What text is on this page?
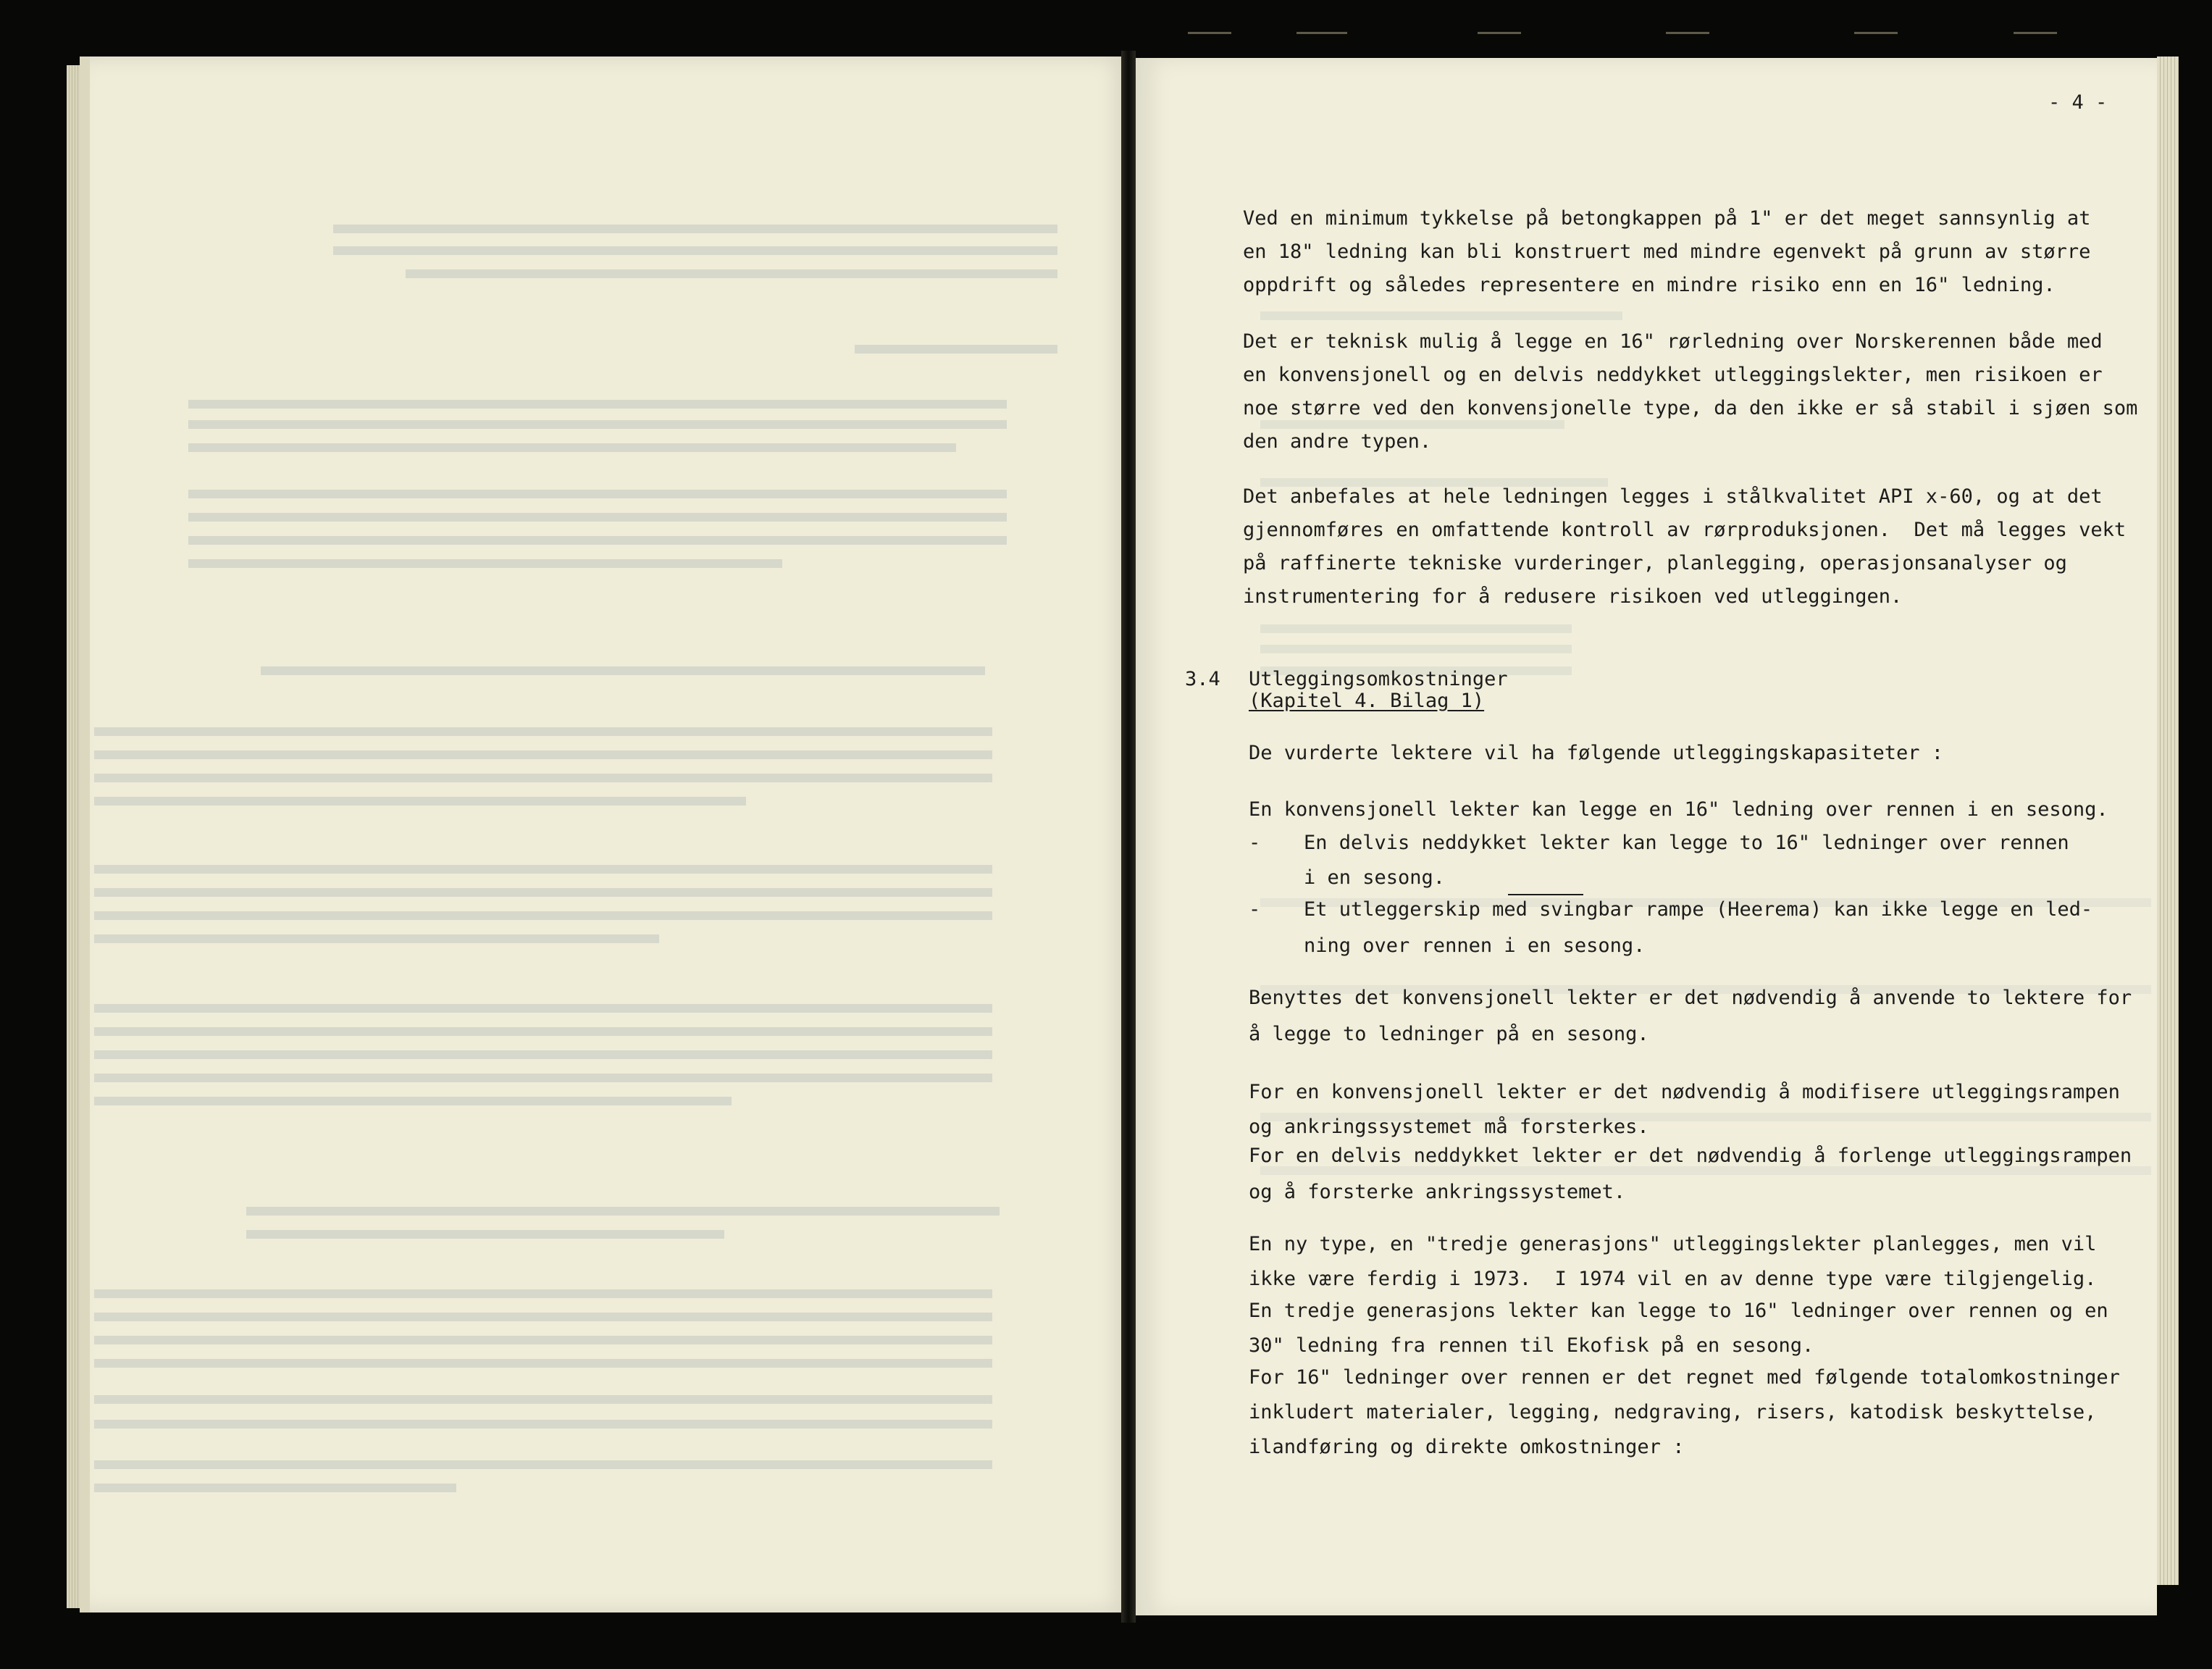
- 4 -
Ved en minimum tykkelse på betongkappen på 1" er det meget sannsynlig at
en 18" ledning kan bli konstruert med mindre egenvekt på grunn av større
oppdrift og således representere en mindre risiko enn en 16" ledning.
Det er teknisk mulig å legge en 16" rørledning over Norskerennen både med
en konvensjonell og en delvis neddykket utleggingslekter, men risikoen er
noe større ved den konvensjonelle type, da den ikke er så stabil i sjøen som
den andre typen.
Det anbefales at hele ledningen legges i stålkvalitet API x-60, og at det
gjennomføres en omfattende kontroll av rørproduksjonen.  Det må legges vekt
på raffinerte tekniske vurderinger, planlegging, operasjonsanalyser og
instrumentering for å redusere risikoen ved utleggingen.
3.4 Utleggingsomkostninger
(Kapitel 4. Bilag 1)
De vurderte lektere vil ha følgende utleggingskapasiteter :
En konvensjonell lekter kan legge en 16" ledning over rennen i en sesong.
- En delvis neddykket lekter kan legge to 16" ledninger over rennen
i en sesong.
- Et utleggerskip med svingbar rampe (Heerema) kan ikke legge en led-
ning over rennen i en sesong.
Benyttes det konvensjonell lekter er det nødvendig å anvende to lektere for
å legge to ledninger på en sesong.
For en konvensjonell lekter er det nødvendig å modifisere utleggingsrampen
og ankringssystemet må forsterkes.
For en delvis neddykket lekter er det nødvendig å forlenge utleggingsrampen
og å forsterke ankringssystemet.
En ny type, en "tredje generasjons" utleggingslekter planlegges, men vil
ikke være ferdig i 1973.  I 1974 vil en av denne type være tilgjengelig.
En tredje generasjons lekter kan legge to 16" ledninger over rennen og en
30" ledning fra rennen til Ekofisk på en sesong.
For 16" ledninger over rennen er det regnet med følgende totalomkostninger
inkludert materialer, legging, nedgraving, risers, katodisk beskyttelse,
ilandføring og direkte omkostninger :
